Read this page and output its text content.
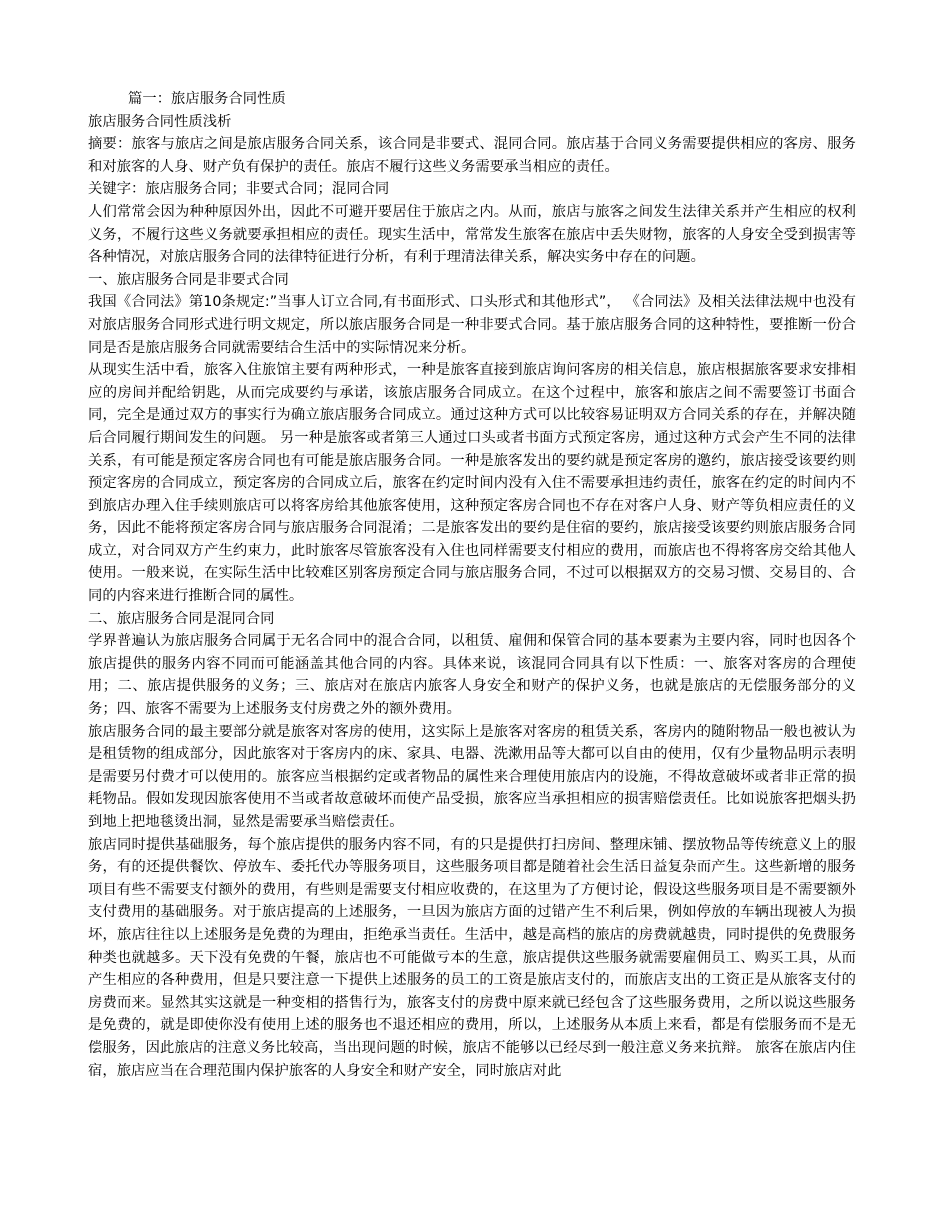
篇一：旅店服务合同性质

旅店服务合同性质浅析

摘要：旅客与旅店之间是旅店服务合同关系，该合同是非要式、混同合同。旅店基于合同义务需要提供相应的客房、服务和对旅客的人身、财产负有保护的责任。旅店不履行这些义务需要承当相应的责任。

关键字：旅店服务合同；非要式合同；混同合同

人们常常会因为种种原因外出，因此不可避开要居住于旅店之内。从而，旅店与旅客之间发生法律关系并产生相应的权利义务，不履行这些义务就要承担相应的责任。现实生活中，常常发生旅客在旅店中丢失财物，旅客的人身安全受到损害等各种情况，对旅店服务合同的法律特征进行分析，有利于理清法律关系，解决实务中存在的问题。

一、旅店服务合同是非要式合同

我国《合同法》第10条规定:”当事人订立合同,有书面形式、口头形式和其他形式”， 《合同法》及相关法律法规中也没有对旅店服务合同形式进行明文规定，所以旅店服务合同是一种非要式合同。基于旅店服务合同的这种特性，要推断一份合同是否是旅店服务合同就需要结合生活中的实际情况来分析。

从现实生活中看，旅客入住旅馆主要有两种形式，一种是旅客直接到旅店询问客房的相关信息，旅店根据旅客要求安排相应的房间并配给钥匙，从而完成要约与承诺，该旅店服务合同成立。在这个过程中，旅客和旅店之间不需要签订书面合同，完全是通过双方的事实行为确立旅店服务合同成立。通过这种方式可以比较容易证明双方合同关系的存在，并解决随后合同履行期间发生的问题。 另一种是旅客或者第三人通过口头或者书面方式预定客房，通过这种方式会产生不同的法律关系，有可能是预定客房合同也有可能是旅店服务合同。一种是旅客发出的要约就是预定客房的邀约，旅店接受该要约则预定客房的合同成立，预定客房的合同成立后，旅客在约定时间内没有入住不需要承担违约责任，旅客在约定的时间内不到旅店办理入住手续则旅店可以将客房给其他旅客使用，这种预定客房合同也不存在对客户人身、财产等负相应责任的义务，因此不能将预定客房合同与旅店服务合同混淆；二是旅客发出的要约是住宿的要约，旅店接受该要约则旅店服务合同成立，对合同双方产生约束力，此时旅客尽管旅客没有入住也同样需要支付相应的费用，而旅店也不得将客房交给其他人使用。一般来说，在实际生活中比较难区别客房预定合同与旅店服务合同，不过可以根据双方的交易习惯、交易目的、合同的内容来进行推断合同的属性。

二、旅店服务合同是混同合同

学界普遍认为旅店服务合同属于无名合同中的混合合同，以租赁、雇佣和保管合同的基本要素为主要内容，同时也因各个旅店提供的服务内容不同而可能涵盖其他合同的内容。具体来说，该混同合同具有以下性质：一、旅客对客房的合理使用；二、旅店提供服务的义务；三、旅店对在旅店内旅客人身安全和财产的保护义务，也就是旅店的无偿服务部分的义务；四、旅客不需要为上述服务支付房费之外的额外费用。

旅店服务合同的最主要部分就是旅客对客房的使用，这实际上是旅客对客房的租赁关系，客房内的随附物品一般也被认为是租赁物的组成部分，因此旅客对于客房内的床、家具、电器、洗漱用品等大都可以自由的使用，仅有少量物品明示表明是需要另付费才可以使用的。旅客应当根据约定或者物品的属性来合理使用旅店内的设施，不得故意破坏或者非正常的损耗物品。假如发现因旅客使用不当或者故意破坏而使产品受损，旅客应当承担相应的损害赔偿责任。比如说旅客把烟头扔到地上把地毯烫出洞，显然是需要承当赔偿责任。

旅店同时提供基础服务，每个旅店提供的服务内容不同，有的只是提供打扫房间、整理床铺、摆放物品等传统意义上的服务，有的还提供餐饮、停放车、委托代办等服务项目，这些服务项目都是随着社会生活日益复杂而产生。这些新增的服务项目有些不需要支付额外的费用，有些则是需要支付相应收费的，在这里为了方便讨论，假设这些服务项目是不需要额外支付费用的基础服务。对于旅店提高的上述服务，一旦因为旅店方面的过错产生不利后果，例如停放的车辆出现被人为损坏，旅店往往以上述服务是免费的为理由，拒绝承当责任。生活中，越是高档的旅店的房费就越贵，同时提供的免费服务种类也就越多。天下没有免费的午餐，旅店也不可能做亏本的生意，旅店提供这些服务就需要雇佣员工、购买工具，从而产生相应的各种费用，但是只要注意一下提供上述服务的员工的工资是旅店支付的，而旅店支出的工资正是从旅客支付的房费而来。显然其实这就是一种变相的搭售行为，旅客支付的房费中原来就已经包含了这些服务费用，之所以说这些服务是免费的，就是即使你没有使用上述的服务也不退还相应的费用，所以，上述服务从本质上来看，都是有偿服务而不是无偿服务，因此旅店的注意义务比较高，当出现问题的时候，旅店不能够以已经尽到一般注意义务来抗辩。 旅客在旅店内住宿，旅店应当在合理范围内保护旅客的人身安全和财产安全，同时旅店对此
